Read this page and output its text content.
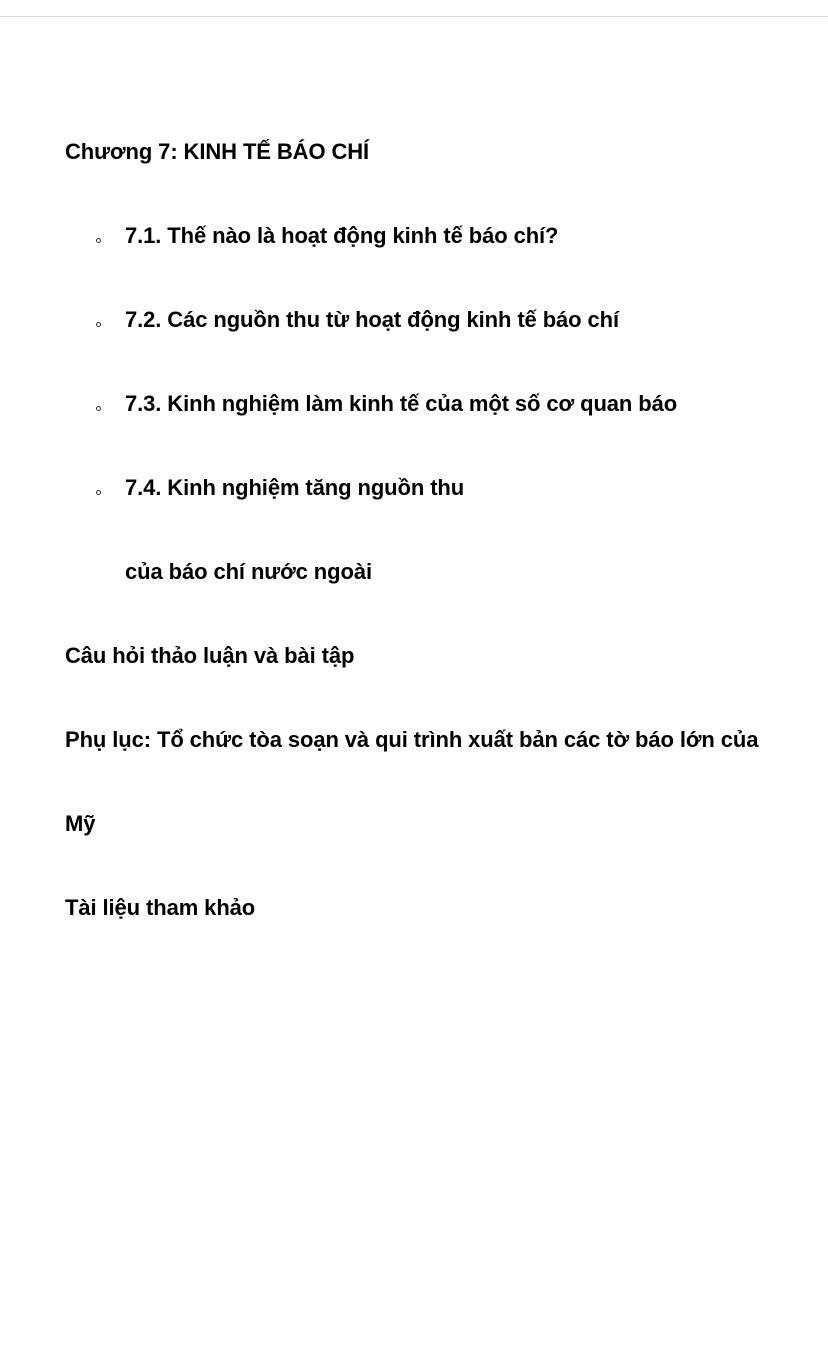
Chương 7: KINH TẾ BÁO CHÍ
7.1. Thế nào là hoạt động kinh tế báo chí?
7.2. Các nguồn thu từ hoạt động kinh tế báo chí
7.3. Kinh nghiệm làm kinh tế của một số cơ quan báo
7.4. Kinh nghiệm tăng nguồn thu
của báo chí nước ngoài
Câu hỏi thảo luận và bài tập
Phụ lục: Tổ chức tòa soạn và qui trình xuất bản các tờ báo lớn của
Mỹ
Tài liệu tham khảo
